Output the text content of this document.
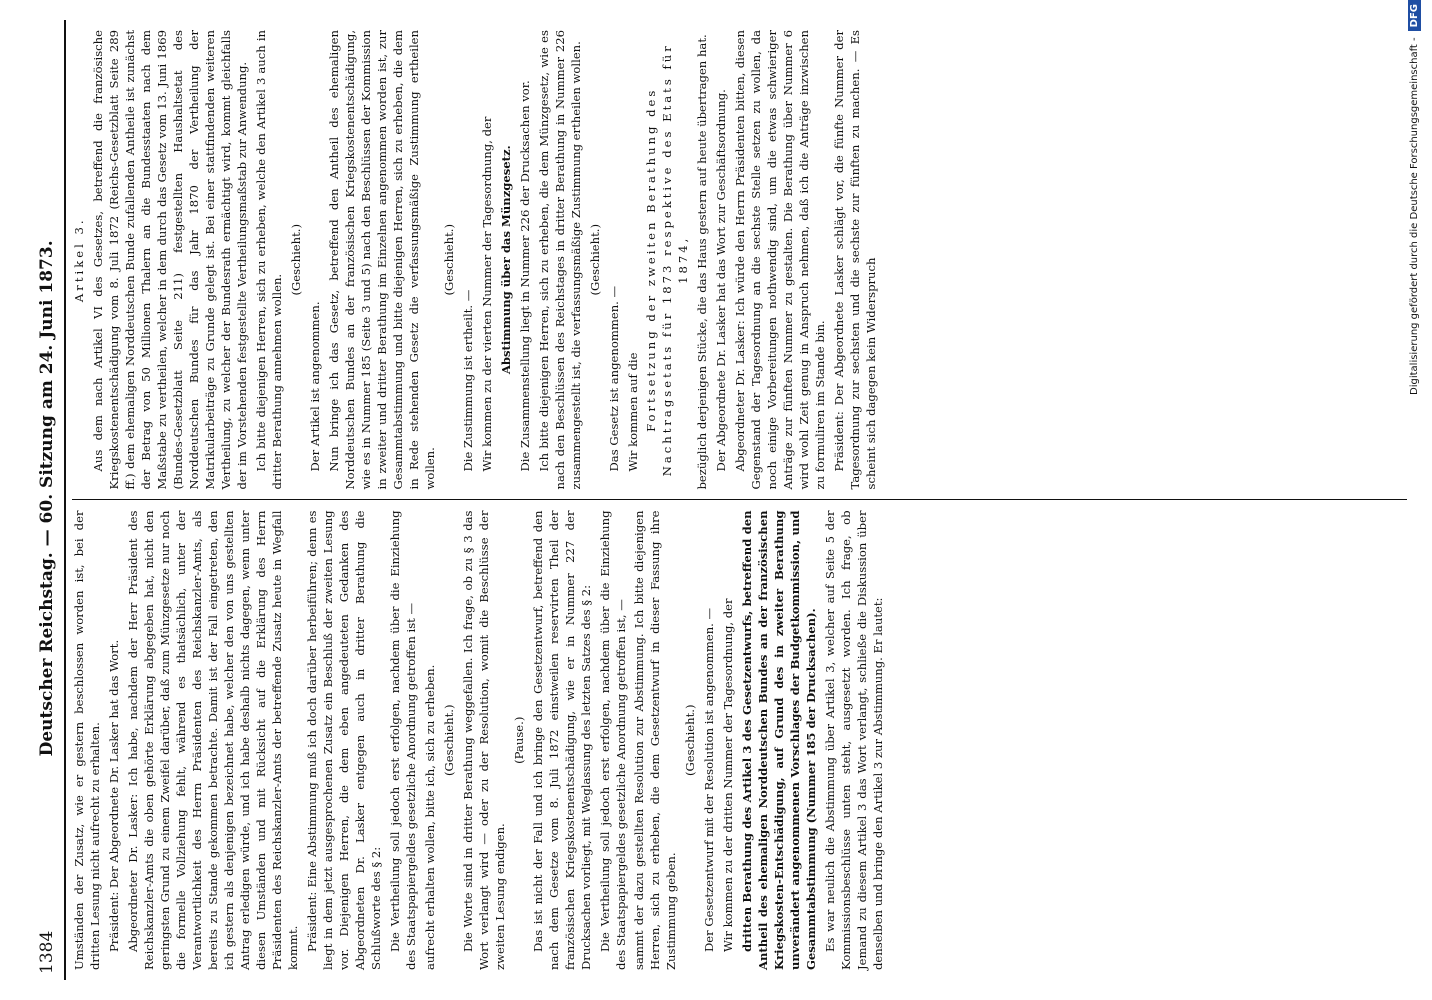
1384
Deutscher Reichstag. — 60. Sitzung am 24. Juni 1873.	Umständen der Zusatz, wie er gestern beschlossen worden ist, bei der dritten Lesung nicht aufrecht zu erhalten. Präsident: Der Abgeordnete Dr. Lasker hat das Wort. Abgeordneter Dr. Lasker: Ich habe, nachdem der Herr Präsident des Reichskanzler-Amts die oben gehörte Erklärung abgegeben hat, nicht den geringsten Grund zu einem Zweifel darüber, daß zum Münzgesetze nur noch die formelle Vollziehung fehlt, während es thatsächlich, unter der Verantwortlichkeit des Herrn Präsidenten des Reichskanzler-Amts, als bereits zu Stande gekommen betrachte. Damit ist der Fall eingetreten, den ich gestern als denjenigen bezeichnet habe, welcher den von uns gestellten Antrag erledigen würde, und ich habe deshalb nichts dagegen, wenn unter diesen Umständen und mit Rücksicht auf die Erklärung des Herrn Präsidenten des Reichskanzler-Amts der betreffende Zusatz heute in Wegfall kommt. Präsident: Eine Abstimmung muß ich doch darüber herbeiführen; denn es liegt in dem jetzt ausgesprochenen Zusatz ein Beschluß der zweiten Lesung vor. Diejenigen Herren, die dem eben angedeuteten Gedanken des Abgeordneten Dr. Lasker entgegen auch in dritter Berathung die Schlußworte des § 2: Die Vertheilung soll jedoch erst erfolgen, nachdem über die Einziehung des Staatspapiergeldes gesetzliche Anordnung getroffen ist — aufrecht erhalten wollen, bitte ich, sich zu erheben. (Geschieht.) Die Worte sind in dritter Berathung weggefallen. Ich frage, ob zu § 3 das Wort verlangt wird — oder zu der Resolution, womit die Beschlüsse der zweiten Lesung endigen.

(Pause.) Das ist nicht der Fall und ich bringe den Gesetzentwurf, betreffend den nach dem Gesetze vom 8. Juli 1872 einstweilen reservirten Theil der französischen Kriegskostenentschädigung, wie er in Nummer 227 der Drucksachen vorliegt, mit Weglassung des letzten Satzes des § 2: Die Vertheilung soll jedoch erst erfolgen, nachdem über die Einziehung des Staatspapiergeldes gesetzliche Anordnung getroffen ist, — sammt der dazu gestellten Resolution zur Abstimmung. Ich bitte diejenigen Herren, sich zu erheben, die dem Gesetzentwurf in dieser Fassung ihre Zustimmung geben.

(Geschieht.) Der Gesetzentwurf mit der Resolution ist angenommen. — Wir kommen zu der dritten Nummer der Tagesordnung, der dritten Berathung des Artikel 3 des Gesetzentwurfs, betreffend den Antheil des ehemaligen Norddeutschen Bundes an der französischen Kriegskosten-Entschädigung, auf Grund des in zweiter Berathung unverändert angenommenen Vorschlages der Budgetkommission, und Gesammtabstimmung (Nummer 185 der Drucksachen). Es war neulich die Abstimmung über Artikel 3, welcher auf Seite 5 der Kommissionsbeschlüsse unten steht, ausgesetzt worden. Ich frage, ob Jemand zu diesem Artikel 3 das Wort verlangt, schließe die Diskussion über denselben und bringe den Artikel 3 zur Abstimmung. Er lautet:

Artikel 3. Aus dem nach Artikel VI des Gesetzes, betreffend die französische Kriegskostenentschädigung vom 8. Juli 1872 (Reichs-Gesetzblatt Seite 289 ff.) dem ehemaligen Norddeutschen Bunde zufallenden Antheile ist zunächst der Betrag von 50 Millionen Thalern an die Bundesstaaten nach dem Maßstabe zu vertheilen, welcher in dem durch das Gesetz vom 13. Juni 1869 (Bundes-Gesetzblatt Seite 211) festgestellten Haushaltsetat des Norddeutschen Bundes für das Jahr 1870 der Vertheilung der Matrikularbeiträge zu Grunde gelegt ist. Bei einer stattfindenden weiteren Vertheilung, zu welcher der Bundesrath ermächtigt wird, kommt gleichfalls der im Vorstehenden festgestellte Vertheilungsmaßstab zur Anwendung. Ich bitte diejenigen Herren, sich zu erheben, welche den Artikel 3 auch in dritter Berathung annehmen wollen.

(Geschieht.)

Der Artikel ist angenommen. Nun bringe ich das Gesetz, betreffend den Antheil des ehemaligen Norddeutschen Bundes an der französischen Kriegskostenentschädigung, wie es in Nummer 185 (Seite 3 und 5) nach den Beschlüssen der Kommission in zweiter und dritter Berathung im Einzelnen angenommen worden ist, zur Gesammtabstimmung und bitte diejenigen Herren, sich zu erheben, die dem in Rede stehenden Gesetz die verfassungsmäßige Zustimmung ertheilen wollen.

(Geschieht.)

Die Zustimmung ist ertheilt. — Wir kommen zu der vierten Nummer der Tagesordnung, der Abstimmung über das Münzgesetz. Die Zusammenstellung liegt in Nummer 226 der Drucksachen vor. Ich bitte diejenigen Herren, sich zu erheben, die dem Münzgesetz, wie es nach den Beschlüssen des Reichstages in dritter Berathung in Nummer 226 zusammengestellt ist, die verfassungsmäßige Zustimmung ertheilen wollen. (Geschieht.)

Das Gesetz ist angenommen. — Wir kommen auf die Fortsetzung der zweiten Berathung des Nachtragsetats für 1873 respektive des Etats für 1874, bezüglich derjenigen Stücke, die das Haus gestern auf heute übertragen hat. Der Abgeordnete Dr. Lasker hat das Wort zur Geschäftsordnung. Abgeordneter Dr. Lasker: Ich würde den Herrn Präsidenten bitten, diesen Gegenstand der Tagesordnung an die sechste Stelle setzen zu wollen, da noch einige Vorbereitungen nothwendig sind, um die etwas schwieriger Anträge zur fünften Nummer zu gestalten. Die Berathung über Nummer 6 wird wohl Zeit genug in Anspruch nehmen, daß ich die Anträge inzwischen zu formuliren im Stande bin. Präsident: Der Abgeordnete Lasker schlägt vor, die fünfte Nummer der Tagesordnung zur sechsten und die sechste zur fünften zu machen. — Es scheint sich dagegen kein Widerspruch	Digitalisierung gefördert durch die Deutsche Forschungsgemeinschaft -
DFG
